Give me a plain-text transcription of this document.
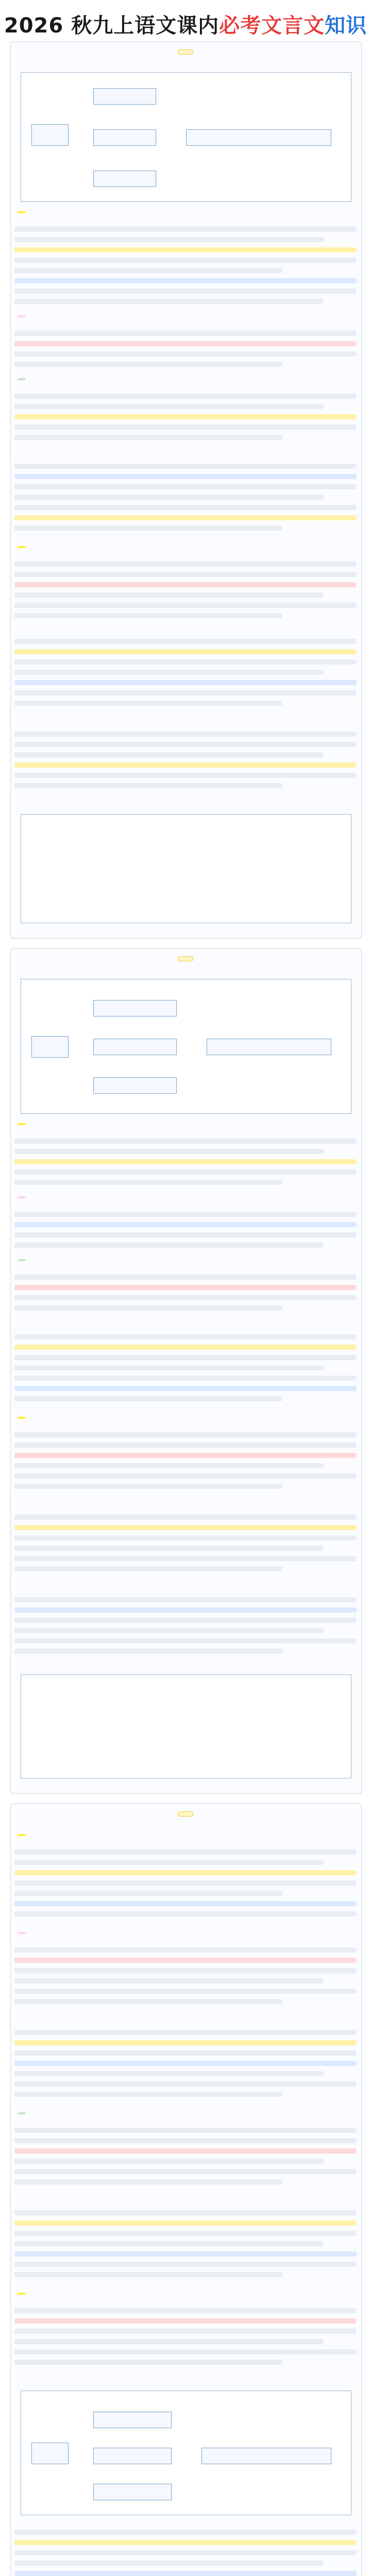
2026 秋九上语文课内必考文言文知识
